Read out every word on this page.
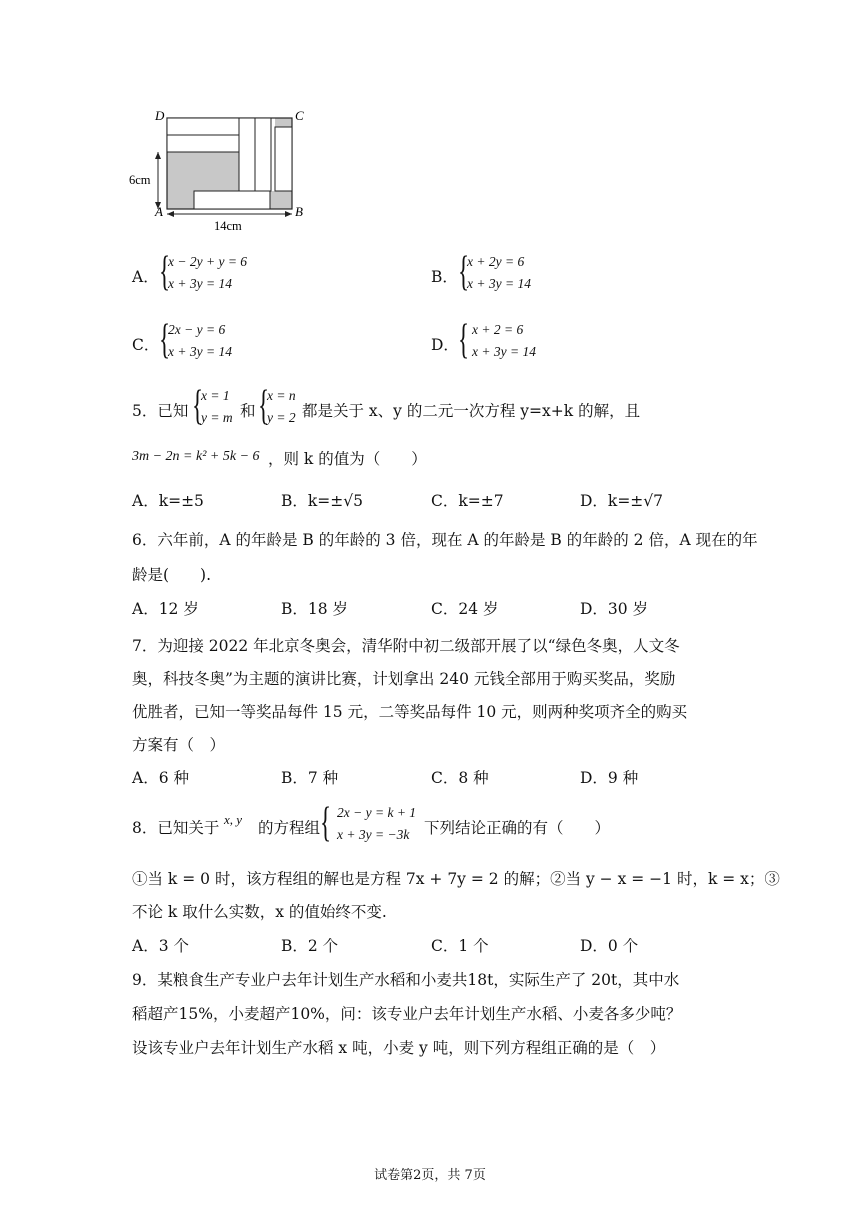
D	C
A	B
6cm
14cm
A． {
x − 2y + y = 6
x + 3y = 14	B． {
x + 2y = 6
x + 3y = 14
C． {
2x − y = 6
x + 3y = 14	D． { x + 2 = 6
x + 3y = 14
5．已知 {
x = 1
y = m 和 {
x = n
y = 2 都是关于 x、y 的二元一次方程 y=x+k 的解，且
3m − 2n = k² + 5k − 6 ，则 k 的值为（　　）
A．k=±5	B．k=±√5	C．k=±7	D．k=±√7
6．六年前，A 的年龄是 B 的年龄的 3 倍，现在 A 的年龄是 B 的年龄的 2 倍，A 现在的年
龄是(　　).
A．12 岁	B．18 岁	C．24 岁	D．30 岁
7．为迎接 2022 年北京冬奥会，清华附中初二级部开展了以“绿色冬奥，人文冬
奥，科技冬奥”为主题的演讲比赛，计划拿出 240 元钱全部用于购买奖品，奖励
优胜者，已知一等奖品每件 15 元，二等奖品每件 10 元，则两种奖项齐全的购买
方案有（　）
A．6 种	B．7 种	C．8 种	D．9 种
8．已知关于 x, y 的方程组 { 2x − y = k + 1
x + 3y = −3k 下列结论正确的有（　　）
①当 k = 0 时，该方程组的解也是方程 7x + 7y = 2 的解；②当 y − x = −1 时，k = x；③
不论 k 取什么实数，x 的值始终不变.
A．3 个	B．2 个	C．1 个	D．0 个
9．某粮食生产专业户去年计划生产水稻和小麦共18t，实际生产了 20t，其中水
稻超产15%，小麦超产10%，问：该专业户去年计划生产水稻、小麦各多少吨？
设该专业户去年计划生产水稻 x 吨，小麦 y 吨，则下列方程组正确的是（　）
试卷第2页，共 7页
